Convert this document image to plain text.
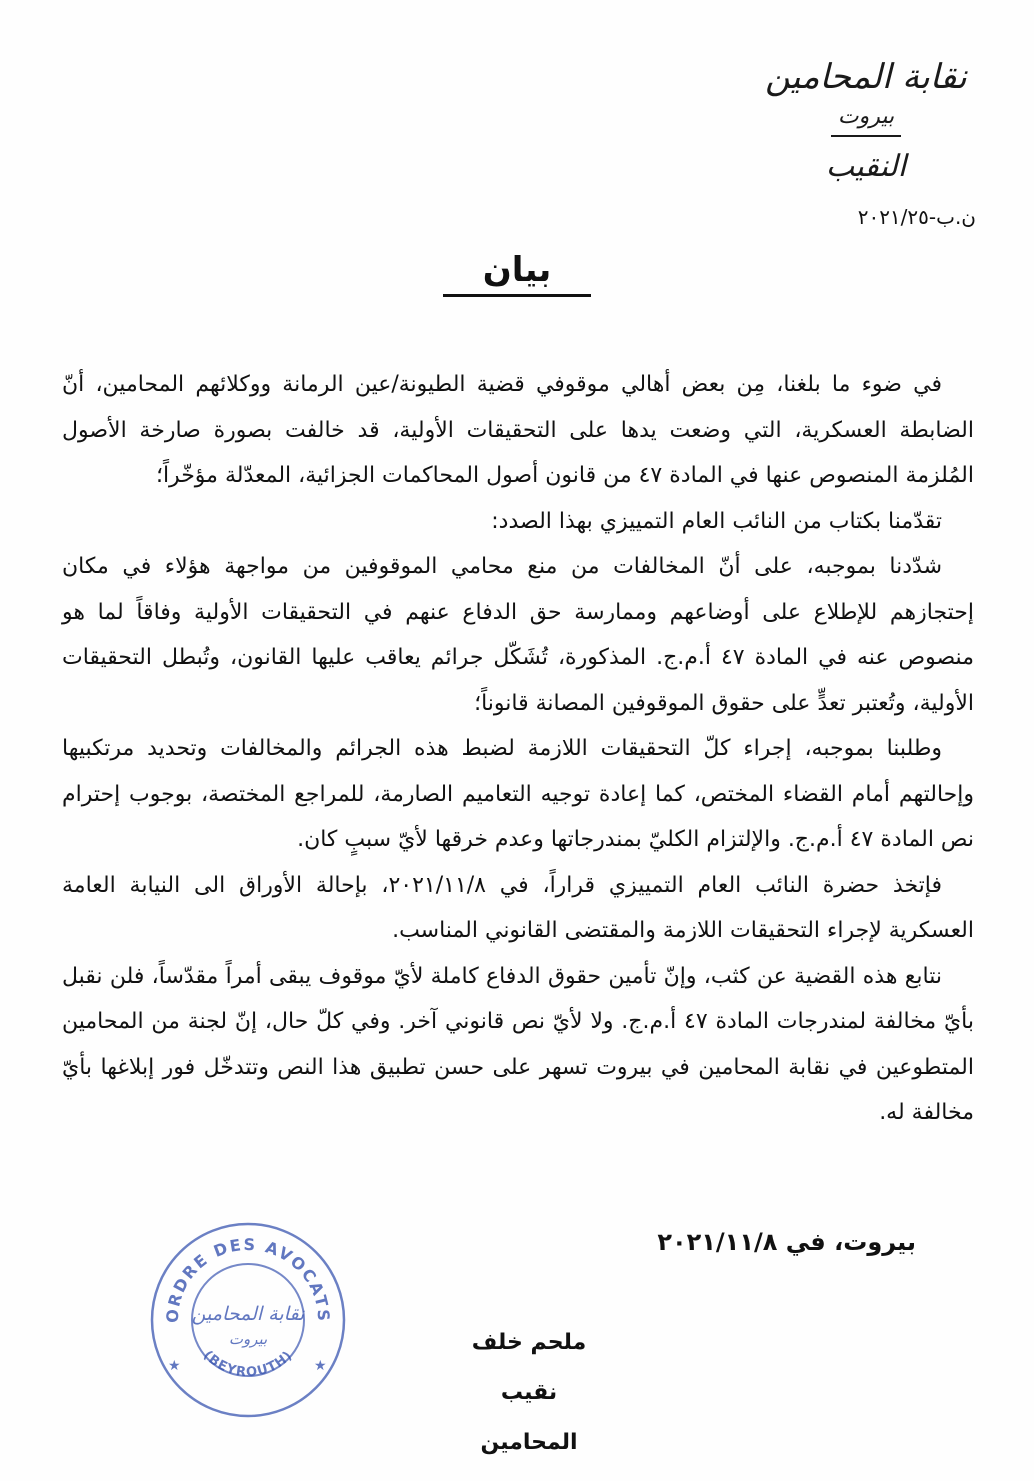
نقابة المحامين
بيروت
النقيب
ن.ب-٢٠٢١/٢٥
بيان

في ضوء ما بلغنا، مِن بعض أهالي موقوفي قضية الطيونة/عين الرمانة ووكلائهم المحامين، أنّ الضابطة العسكرية، التي وضعت يدها على التحقيقات الأولية، قد خالفت بصورة صارخة الأصول المُلزمة المنصوص عنها في المادة ٤٧ من قانون أصول المحاكمات الجزائية، المعدّلة مؤخّراً؛

تقدّمنا بكتاب من النائب العام التمييزي بهذا الصدد:

شدّدنا بموجبه، على أنّ المخالفات من منع محامي الموقوفين من مواجهة هؤلاء في مكان إحتجازهم للإطلاع على أوضاعهم وممارسة حق الدفاع عنهم في التحقيقات الأولية وفاقاً لما هو منصوص عنه في المادة ٤٧ أ.م.ج. المذكورة، تُشَكّل جرائم يعاقب عليها القانون، وتُبطل التحقيقات الأولية، وتُعتبر تعدٍّ على حقوق الموقوفين المصانة قانوناً؛

وطلبنا بموجبه، إجراء كلّ التحقيقات اللازمة لضبط هذه الجرائم والمخالفات وتحديد مرتكبيها وإحالتهم أمام القضاء المختص، كما إعادة توجيه التعاميم الصارمة، للمراجع المختصة، بوجوب إحترام نص المادة ٤٧ أ.م.ج. والإلتزام الكليّ بمندرجاتها وعدم خرقها لأيّ سببٍ كان.

فإتخذ حضرة النائب العام التمييزي قراراً، في ٢٠٢١/١١/٨، بإحالة الأوراق الى النيابة العامة العسكرية لإجراء التحقيقات اللازمة والمقتضى القانوني المناسب.

نتابع هذه القضية عن كثب، وإنّ تأمين حقوق الدفاع كاملة لأيّ موقوف يبقى أمراً مقدّساً، فلن نقبل بأيّ مخالفة لمندرجات المادة ٤٧ أ.م.ج. ولا لأيّ نص قانوني آخر. وفي كلّ حال، إنّ لجنة من المحامين المتطوعين في نقابة المحامين في بيروت تسهر على حسن تطبيق هذا النص وتتدخّل فور إبلاغها بأيّ مخالفة له.

بيروت، في ٢٠٢١/١١/٨
ملحم خلف
نقيب المحامين
ORDRE DES AVOCATS
(BEYROUTH)
نقابة المحامين
بيروت
★	★
